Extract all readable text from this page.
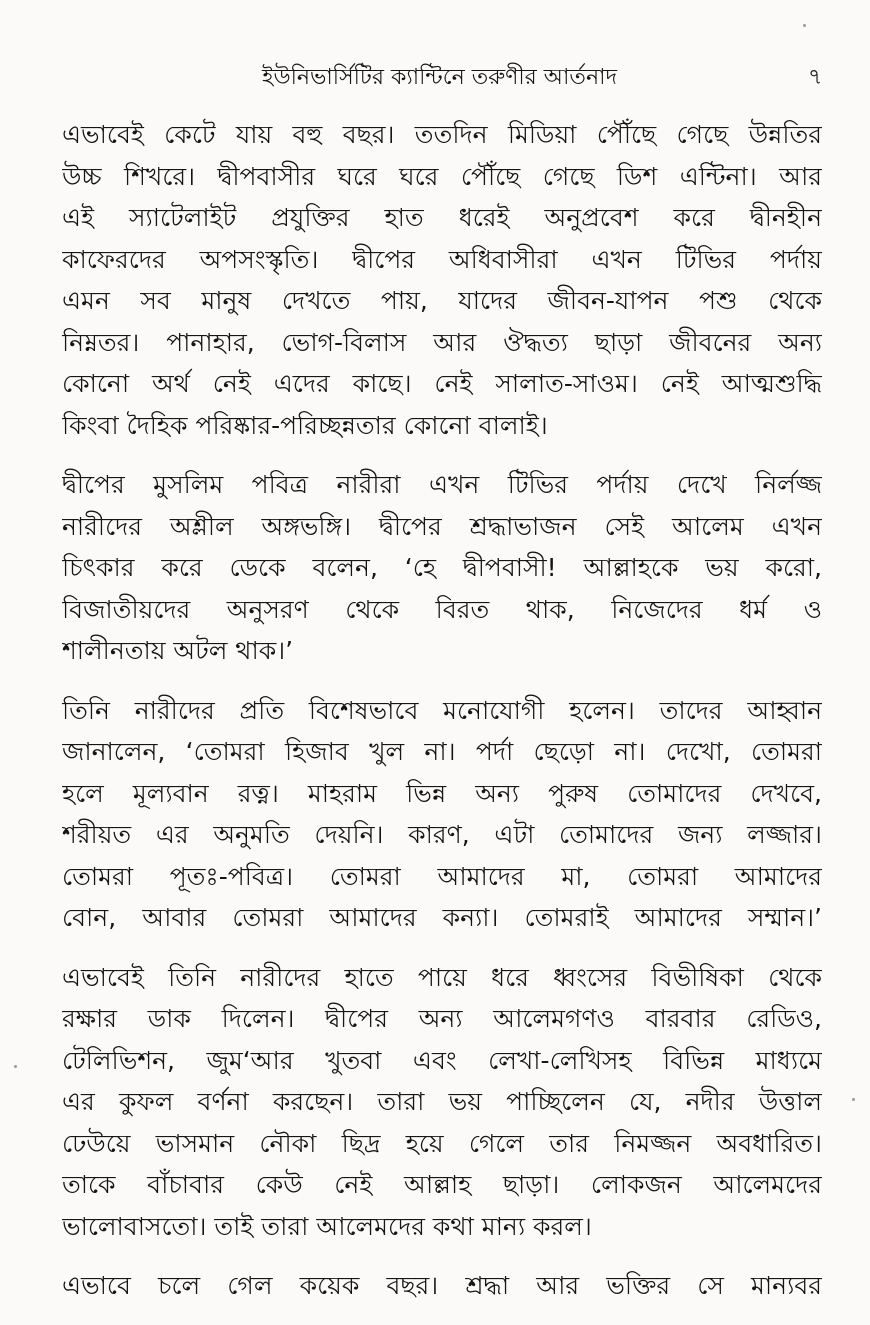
ইউনিভার্সিটির ক্যান্টিনে তরুণীর আর্তনাদ	৭
এভাবেই কেটে যায় বহু বছর। ততদিন মিডিয়া পৌঁছে গেছে উন্নতির
উচ্চ শিখরে। দ্বীপবাসীর ঘরে ঘরে পৌঁছে গেছে ডিশ এন্টিনা। আর
এই স্যাটেলাইট প্রযুক্তির হাত ধরেই অনুপ্রবেশ করে দ্বীনহীন
কাফেরদের অপসংস্কৃতি। দ্বীপের অধিবাসীরা এখন টিভির পর্দায়
এমন সব মানুষ দেখতে পায়, যাদের জীবন-যাপন পশু থেকে
নিম্নতর। পানাহার, ভোগ-বিলাস আর ঔদ্ধত্য ছাড়া জীবনের অন্য
কোনো অর্থ নেই এদের কাছে। নেই সালাত-সাওম। নেই আত্মশুদ্ধি
কিংবা দৈহিক পরিষ্কার-পরিচ্ছন্নতার কোনো বালাই।
দ্বীপের মুসলিম পবিত্র নারীরা এখন টিভির পর্দায় দেখে নির্লজ্জ
নারীদের অশ্লীল অঙ্গভঙ্গি। দ্বীপের শ্রদ্ধাভাজন সেই আলেম এখন
চিৎকার করে ডেকে বলেন, ‘হে দ্বীপবাসী! আল্লাহকে ভয় করো,
বিজাতীয়দের অনুসরণ থেকে বিরত থাক, নিজেদের ধর্ম ও
শালীনতায় অটল থাক।’
তিনি নারীদের প্রতি বিশেষভাবে মনোযোগী হলেন। তাদের আহ্বান
জানালেন, ‘তোমরা হিজাব খুল না। পর্দা ছেড়ো না। দেখো, তোমরা
হলে মূল্যবান রত্ন। মাহরাম ভিন্ন অন্য পুরুষ তোমাদের দেখবে,
শরীয়ত এর অনুমতি দেয়নি। কারণ, এটা তোমাদের জন্য লজ্জার।
তোমরা পূতঃ-পবিত্র। তোমরা আমাদের মা, তোমরা আমাদের
বোন, আবার তোমরা আমাদের কন্যা। তোমরাই আমাদের সম্মান।’
এভাবেই তিনি নারীদের হাতে পায়ে ধরে ধ্বংসের বিভীষিকা থেকে
রক্ষার ডাক দিলেন। দ্বীপের অন্য আলেমগণও বারবার রেডিও,
টেলিভিশন, জুম‘আর খুতবা এবং লেখা-লেখিসহ বিভিন্ন মাধ্যমে
এর কুফল বর্ণনা করছেন। তারা ভয় পাচ্ছিলেন যে, নদীর উত্তাল
ঢেউয়ে ভাসমান নৌকা ছিদ্র হয়ে গেলে তার নিমজ্জন অবধারিত।
তাকে বাঁচাবার কেউ নেই আল্লাহ ছাড়া। লোকজন আলেমদের
ভালোবাসতো। তাই তারা আলেমদের কথা মান্য করল।
এভাবে চলে গেল কয়েক বছর। শ্রদ্ধা আর ভক্তির সে মান্যবর
